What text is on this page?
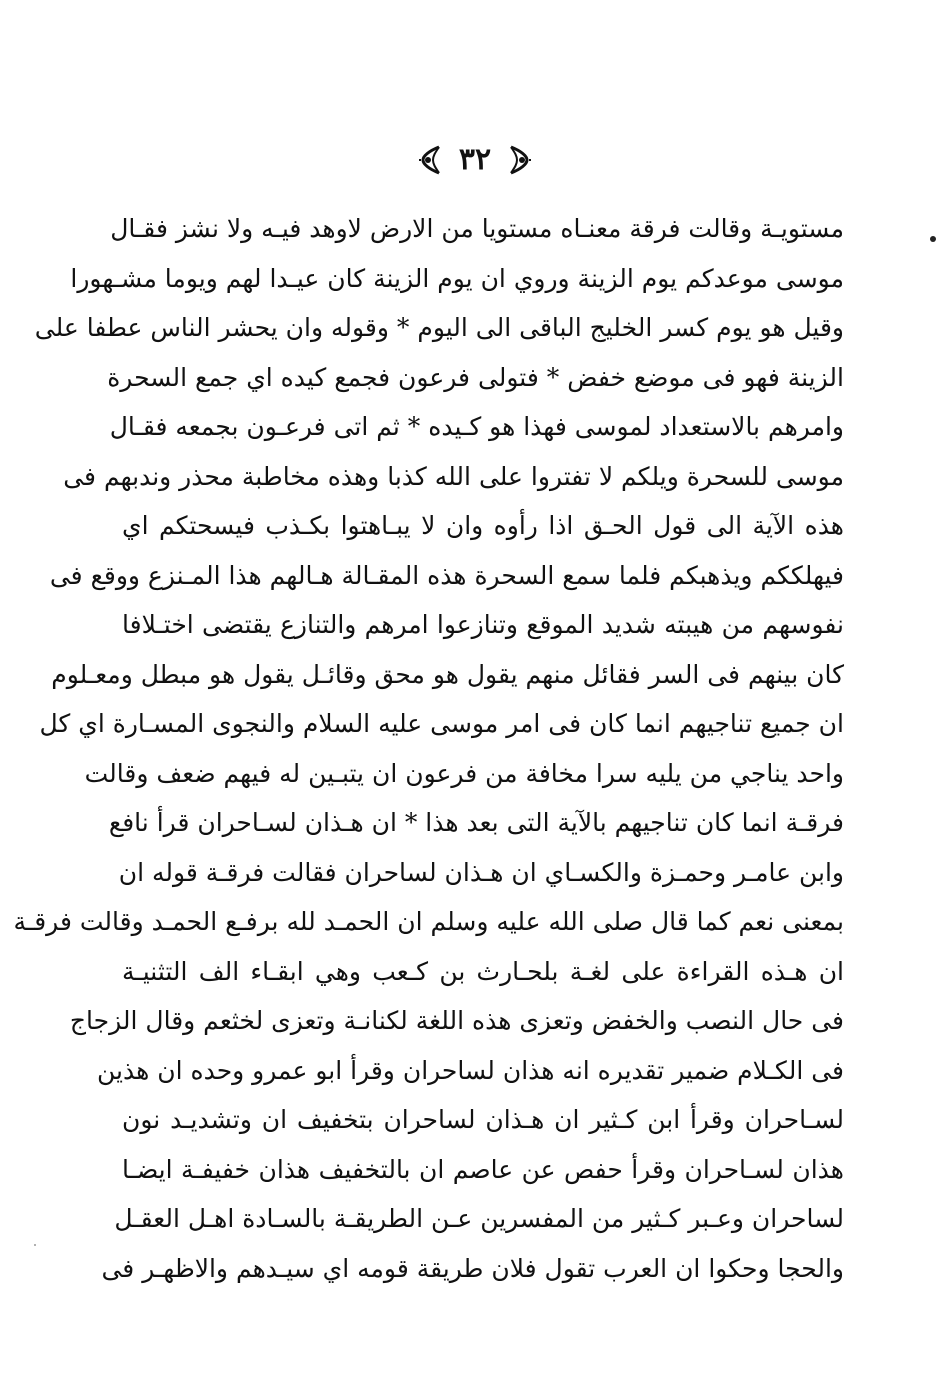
٣٢
مستويـة وقالت فرقة معنـاه مستويا من الارض لاوهد فيـه ولا نشز فقـال
موسى موعدكم يوم الزينة وروي ان يوم الزينة كان عيـدا لهم ويوما مشـهورا
وقيل هو يوم كسر الخليج الباقى الى اليوم * وقوله وان يحشر الناس عطفا على
الزينة فهو فى موضع خفض * فتولى فرعون فجمع كيده اي جمع السحرة
وامرهم بالاستعداد لموسى فهذا هو كـيده * ثم اتى فرعـون بجمعه فقـال
موسى للسحرة ويلكم لا تفتروا على الله كذبا وهذه مخاطبة محذر وندبهم فى
هذه الآية الى قول الحـق اذا رأوه وان لا يبـاهتوا بكـذب فيسحتكم اي
فيهلككم ويذهبكم فلما سمع السحرة هذه المقـالة هـالهم هذا المـنزع ووقع فى
نفوسهم من هيبته شديد الموقع وتنازعوا امرهم والتنازع يقتضى اختـلافا
كان بينهم فى السر فقائل منهم يقول هو محق وقائـل يقول هو مبطل ومعـلوم
ان جميع تناجيهم انما كان فى امر موسى عليه السلام والنجوى المسـارة اي كل
واحد يناجي من يليه سرا مخافة من فرعون ان يتبـين له فيهم ضعف وقالت
فرقـة انما كان تناجيهم بالآية التى بعد هذا * ان هـذان لسـاحران قرأ نافع
وابن عامـر وحمـزة والكسـاي ان هـذان لساحران فقالت فرقـة قوله ان
بمعنى نعم كما قال صلى الله عليه وسلم ان الحمـد لله برفـع الحمـد وقالت فرقـة
ان هـذه القراءة على لغـة بلحـارث بن كـعب وهي ابقـاء الف التثنيـة
فى حال النصب والخفض وتعزى هذه اللغة لكنانـة وتعزى لخثعم وقال الزجاج
فى الكـلام ضمير تقديره انه هذان لساحران وقرأ ابو عمرو وحده ان هذين
لسـاحران وقرأ ابن كـثير ان هـذان لساحران بتخفيف ان وتشديـد نون
هذان لسـاحران وقرأ حفص عن عاصم ان بالتخفيف هذان خفيفـة ايضـا
لساحران وعـبر كـثير من المفسرين عـن الطريقـة بالسـادة اهـل العقـل
والحجا وحكوا ان العرب تقول فلان طريقة قومه اي سيـدهم والاظهـر فى
